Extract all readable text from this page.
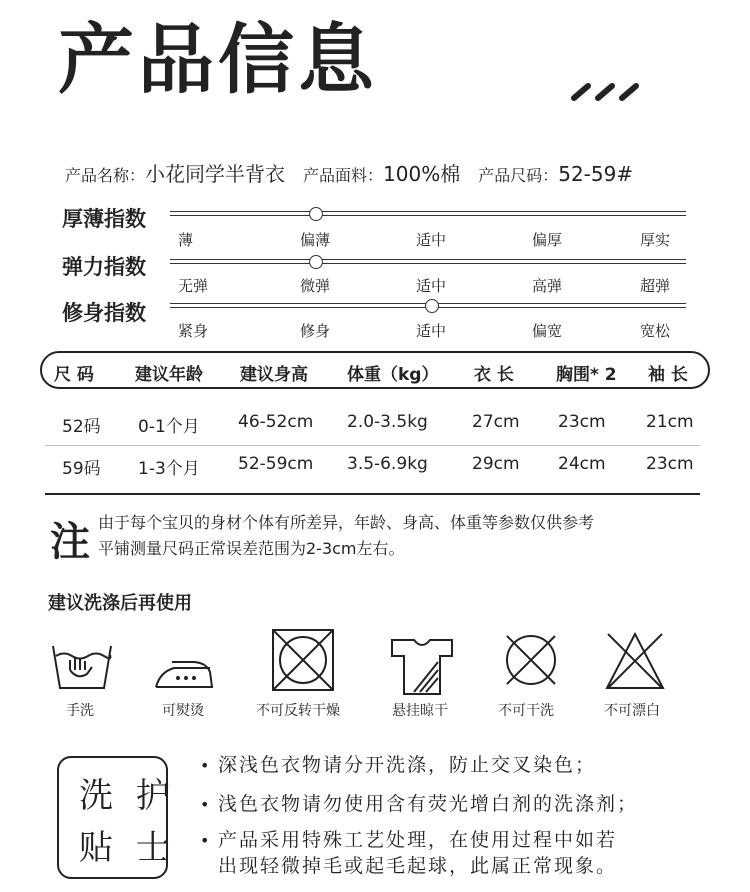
产品信息
产品名称：小花同学半背衣 产品面料：100%棉 产品尺码：52-59#
厚薄指数
薄	偏薄	适中	偏厚	厚实
弹力指数
无弹	微弹	适中	高弹	超弹
修身指数
紧身	修身	适中	偏宽	宽松
尺 码 建议年龄 建议身高 体重（kg） 衣 长 胸围* 2 袖 长
52码 0-1个月 46-52cm 2.0-3.5kg	27cm 23cm 21cm
59码 1-3个月 52-59cm 3.5-6.9kg	29cm 24cm 23cm
注 由于每个宝贝的身材个体有所差异，年龄、身高、体重等参数仅供参考
平铺测量尺码正常误差范围为2-3cm左右。
建议洗涤后再使用
手洗	可熨烫	不可反转干燥	悬挂晾干	不可干洗	不可漂白
洗 护
贴 士
• 深浅色衣物请分开洗涤，防止交叉染色；
• 浅色衣物请勿使用含有荧光增白剂的洗涤剂；
• 产品采用特殊工艺处理，在使用过程中如若
出现轻微掉毛或起毛起球，此属正常现象。
